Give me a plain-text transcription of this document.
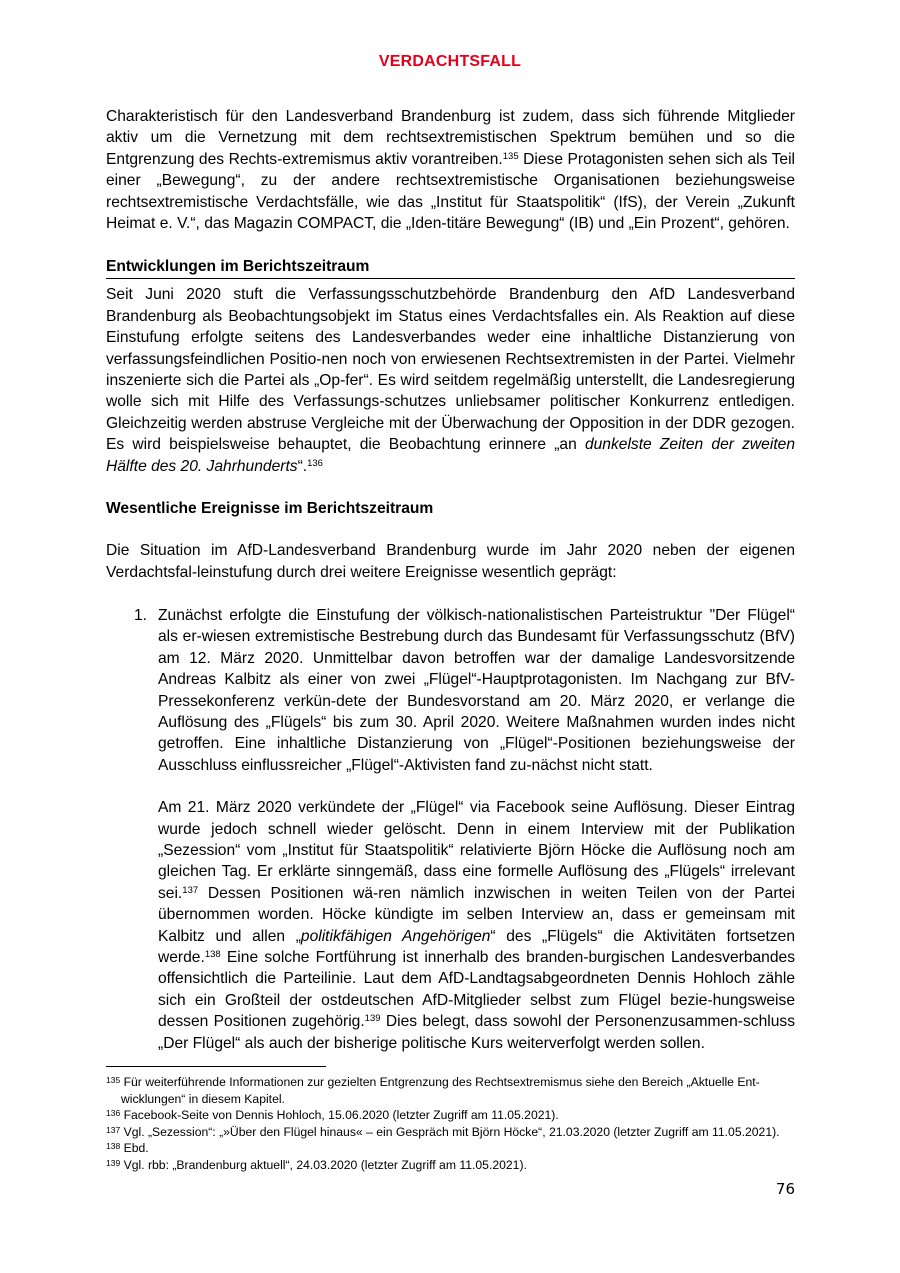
VERDACHTSFALL

Charakteristisch für den Landesverband Brandenburg ist zudem, dass sich führende Mitglieder aktiv um die Vernetzung mit dem rechtsextremistischen Spektrum bemühen und so die Entgrenzung des Rechts-extremismus aktiv vorantreiben.$^{135}$ Diese Protagonisten sehen sich als Teil einer „Bewegung“, zu der andere rechtsextremistische Organisationen beziehungsweise rechtsextremistische Verdachtsfälle, wie das „Institut für Staatspolitik“ (IfS), der Verein „Zukunft Heimat e. V.“, das Magazin COMPACT, die „Iden-titäre Bewegung“ (IB) und „Ein Prozent“, gehören.

Entwicklungen im Berichtszeitraum

Seit Juni 2020 stuft die Verfassungsschutzbehörde Brandenburg den AfD Landesverband Brandenburg als Beobachtungsobjekt im Status eines Verdachtsfalles ein. Als Reaktion auf diese Einstufung erfolgte seitens des Landesverbandes weder eine inhaltliche Distanzierung von verfassungsfeindlichen Positio-nen noch von erwiesenen Rechtsextremisten in der Partei. Vielmehr inszenierte sich die Partei als „Op-fer“. Es wird seitdem regelmäßig unterstellt, die Landesregierung wolle sich mit Hilfe des Verfassungs-schutzes unliebsamer politischer Konkurrenz entledigen. Gleichzeitig werden abstruse Vergleiche mit der Überwachung der Opposition in der DDR gezogen. Es wird beispielsweise behauptet, die Beobachtung erinnere „an dunkelste Zeiten der zweiten Hälfte des 20. Jahrhunderts“.$^{136}$

Wesentliche Ereignisse im Berichtszeitraum

Die Situation im AfD-Landesverband Brandenburg wurde im Jahr 2020 neben der eigenen Verdachtsfal-leinstufung durch drei weitere Ereignisse wesentlich geprägt:

1. Zunächst erfolgte die Einstufung der völkisch-nationalistischen Parteistruktur "Der Flügel“ als er-wiesen extremistische Bestrebung durch das Bundesamt für Verfassungsschutz (BfV) am 12. März 2020. Unmittelbar davon betroffen war der damalige Landesvorsitzende Andreas Kalbitz als einer von zwei „Flügel“-Hauptprotagonisten. Im Nachgang zur BfV-Pressekonferenz verkün-dete der Bundesvorstand am 20. März 2020, er verlange die Auflösung des „Flügels“ bis zum 30. April 2020. Weitere Maßnahmen wurden indes nicht getroffen. Eine inhaltliche Distanzierung von „Flügel“-Positionen beziehungsweise der Ausschluss einflussreicher „Flügel“-Aktivisten fand zu-nächst nicht statt.

Am 21. März 2020 verkündete der „Flügel“ via Facebook seine Auflösung. Dieser Eintrag wurde jedoch schnell wieder gelöscht. Denn in einem Interview mit der Publikation „Sezession“ vom „Institut für Staatspolitik“ relativierte Björn Höcke die Auflösung noch am gleichen Tag. Er erklärte sinngemäß, dass eine formelle Auflösung des „Flügels“ irrelevant sei.$^{137}$ Dessen Positionen wä-ren nämlich inzwischen in weiten Teilen von der Partei übernommen worden. Höcke kündigte im selben Interview an, dass er gemeinsam mit Kalbitz und allen „politikfähigen Angehörigen“ des „Flügels“ die Aktivitäten fortsetzen werde.$^{138}$ Eine solche Fortführung ist innerhalb des branden-burgischen Landesverbandes offensichtlich die Parteilinie. Laut dem AfD-Landtagsabgeordneten Dennis Hohloch zähle sich ein Großteil der ostdeutschen AfD-Mitglieder selbst zum Flügel bezie-hungsweise dessen Positionen zugehörig.$^{139}$ Dies belegt, dass sowohl der Personenzusammen-schluss „Der Flügel“ als auch der bisherige politische Kurs weiterverfolgt werden sollen.

$^{135}$ Für weiterführende Informationen zur gezielten Entgrenzung des Rechtsextremismus siehe den Bereich „Aktuelle Ent-
wicklungen“ in diesem Kapitel.
$^{136}$ Facebook-Seite von Dennis Hohloch, 15.06.2020 (letzter Zugriff am 11.05.2021).
$^{137}$ Vgl. „Sezession“: „»Über den Flügel hinaus« – ein Gespräch mit Björn Höcke“, 21.03.2020 (letzter Zugriff am 11.05.2021).
$^{138}$ Ebd.
$^{139}$ Vgl. rbb: „Brandenburg aktuell“, 24.03.2020 (letzter Zugriff am 11.05.2021).
76
